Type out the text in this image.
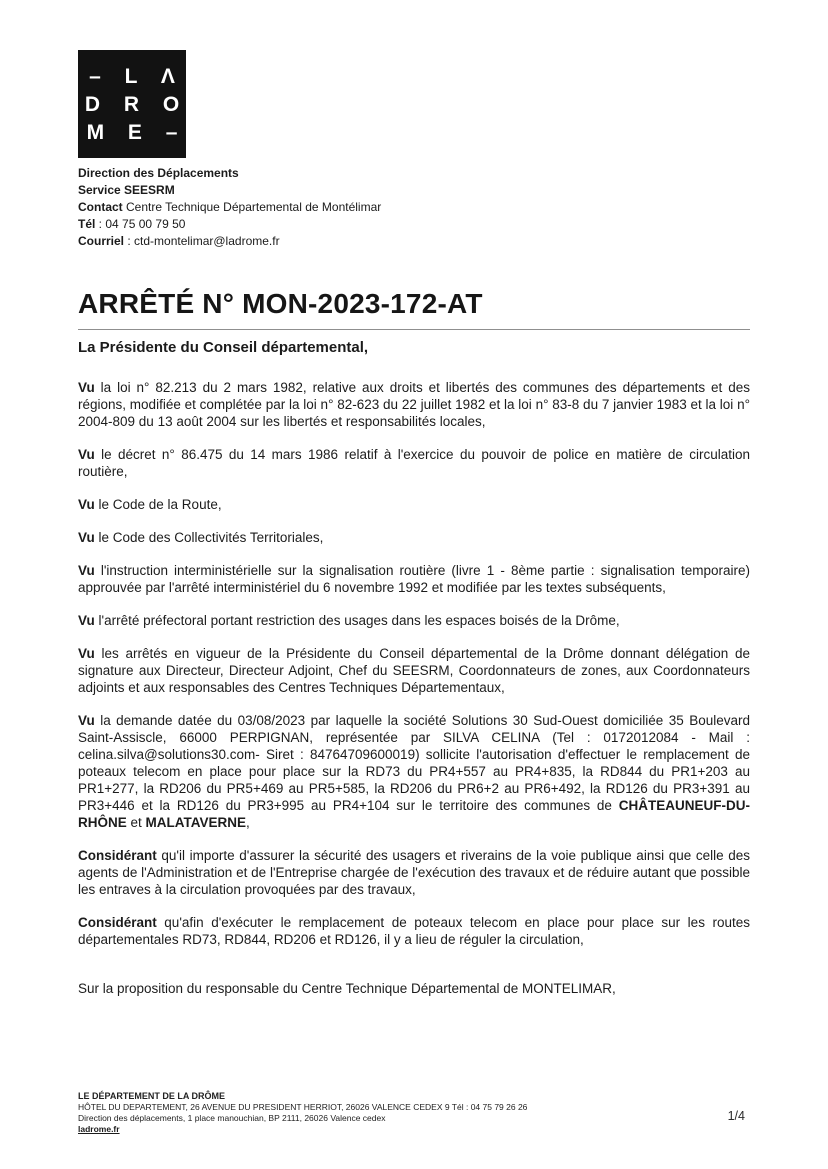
– L Λ
D R O
M E –
Direction des Déplacements
Service SEESRM
Contact Centre Technique Départemental de Montélimar
Tél : 04 75 00 79 50
Courriel : ctd-montelimar@ladrome.fr
ARRÊTÉ N° MON-2023-172-AT
La Présidente du Conseil départemental,

Vu la loi n° 82.213 du 2 mars 1982, relative aux droits et libertés des communes des départements et des régions, modifiée et complétée par la loi n° 82-623 du 22 juillet 1982 et la loi n° 83-8 du 7 janvier 1983 et la loi n° 2004-809 du 13 août 2004 sur les libertés et responsabilités locales,

Vu le décret n° 86.475 du 14 mars 1986 relatif à l'exercice du pouvoir de police en matière de circulation routière,

Vu le Code de la Route,

Vu le Code des Collectivités Territoriales,

Vu l'instruction interministérielle sur la signalisation routière (livre 1 - 8ème partie : signalisation temporaire) approuvée par l'arrêté interministériel du 6 novembre 1992 et modifiée par les textes subséquents,

Vu l'arrêté préfectoral portant restriction des usages dans les espaces boisés de la Drôme,

Vu les arrêtés en vigueur de la Présidente du Conseil départemental de la Drôme donnant délégation de signature aux Directeur, Directeur Adjoint, Chef du SEESRM, Coordonnateurs de zones, aux Coordonnateurs adjoints et aux responsables des Centres Techniques Départementaux,

Vu la demande datée du 03/08/2023 par laquelle la société Solutions 30 Sud-Ouest domiciliée 35 Boulevard Saint-Assiscle, 66000 PERPIGNAN, représentée par SILVA CELINA (Tel : 0172012084 - Mail : celina.silva@solutions30.com- Siret : 84764709600019) sollicite l'autorisation d'effectuer le remplacement de poteaux telecom en place pour place sur la RD73 du PR4+557 au PR4+835, la RD844 du PR1+203 au PR1+277, la RD206 du PR5+469 au PR5+585, la RD206 du PR6+2 au PR6+492, la RD126 du PR3+391 au PR3+446 et la RD126 du PR3+995 au PR4+104 sur le territoire des communes de CHÂTEAUNEUF-DU-RHÔNE et MALATAVERNE,

Considérant qu'il importe d'assurer la sécurité des usagers et riverains de la voie publique ainsi que celle des agents de l'Administration et de l'Entreprise chargée de l'exécution des travaux et de réduire autant que possible les entraves à la circulation provoquées par des travaux,

Considérant qu'afin d'exécuter le remplacement de poteaux telecom en place pour place sur les routes départementales RD73, RD844, RD206 et RD126, il y a lieu de réguler la circulation,

Sur la proposition du responsable du Centre Technique Départemental de MONTELIMAR,

LE DÉPARTEMENT DE LA DRÔME
HÔTEL DU DEPARTEMENT, 26 AVENUE DU PRESIDENT HERRIOT, 26026 VALENCE CEDEX 9 Tél : 04 75 79 26 26
Direction des déplacements, 1 place manouchian, BP 2111, 26026 Valence cedex
ladrome.fr
1/4
